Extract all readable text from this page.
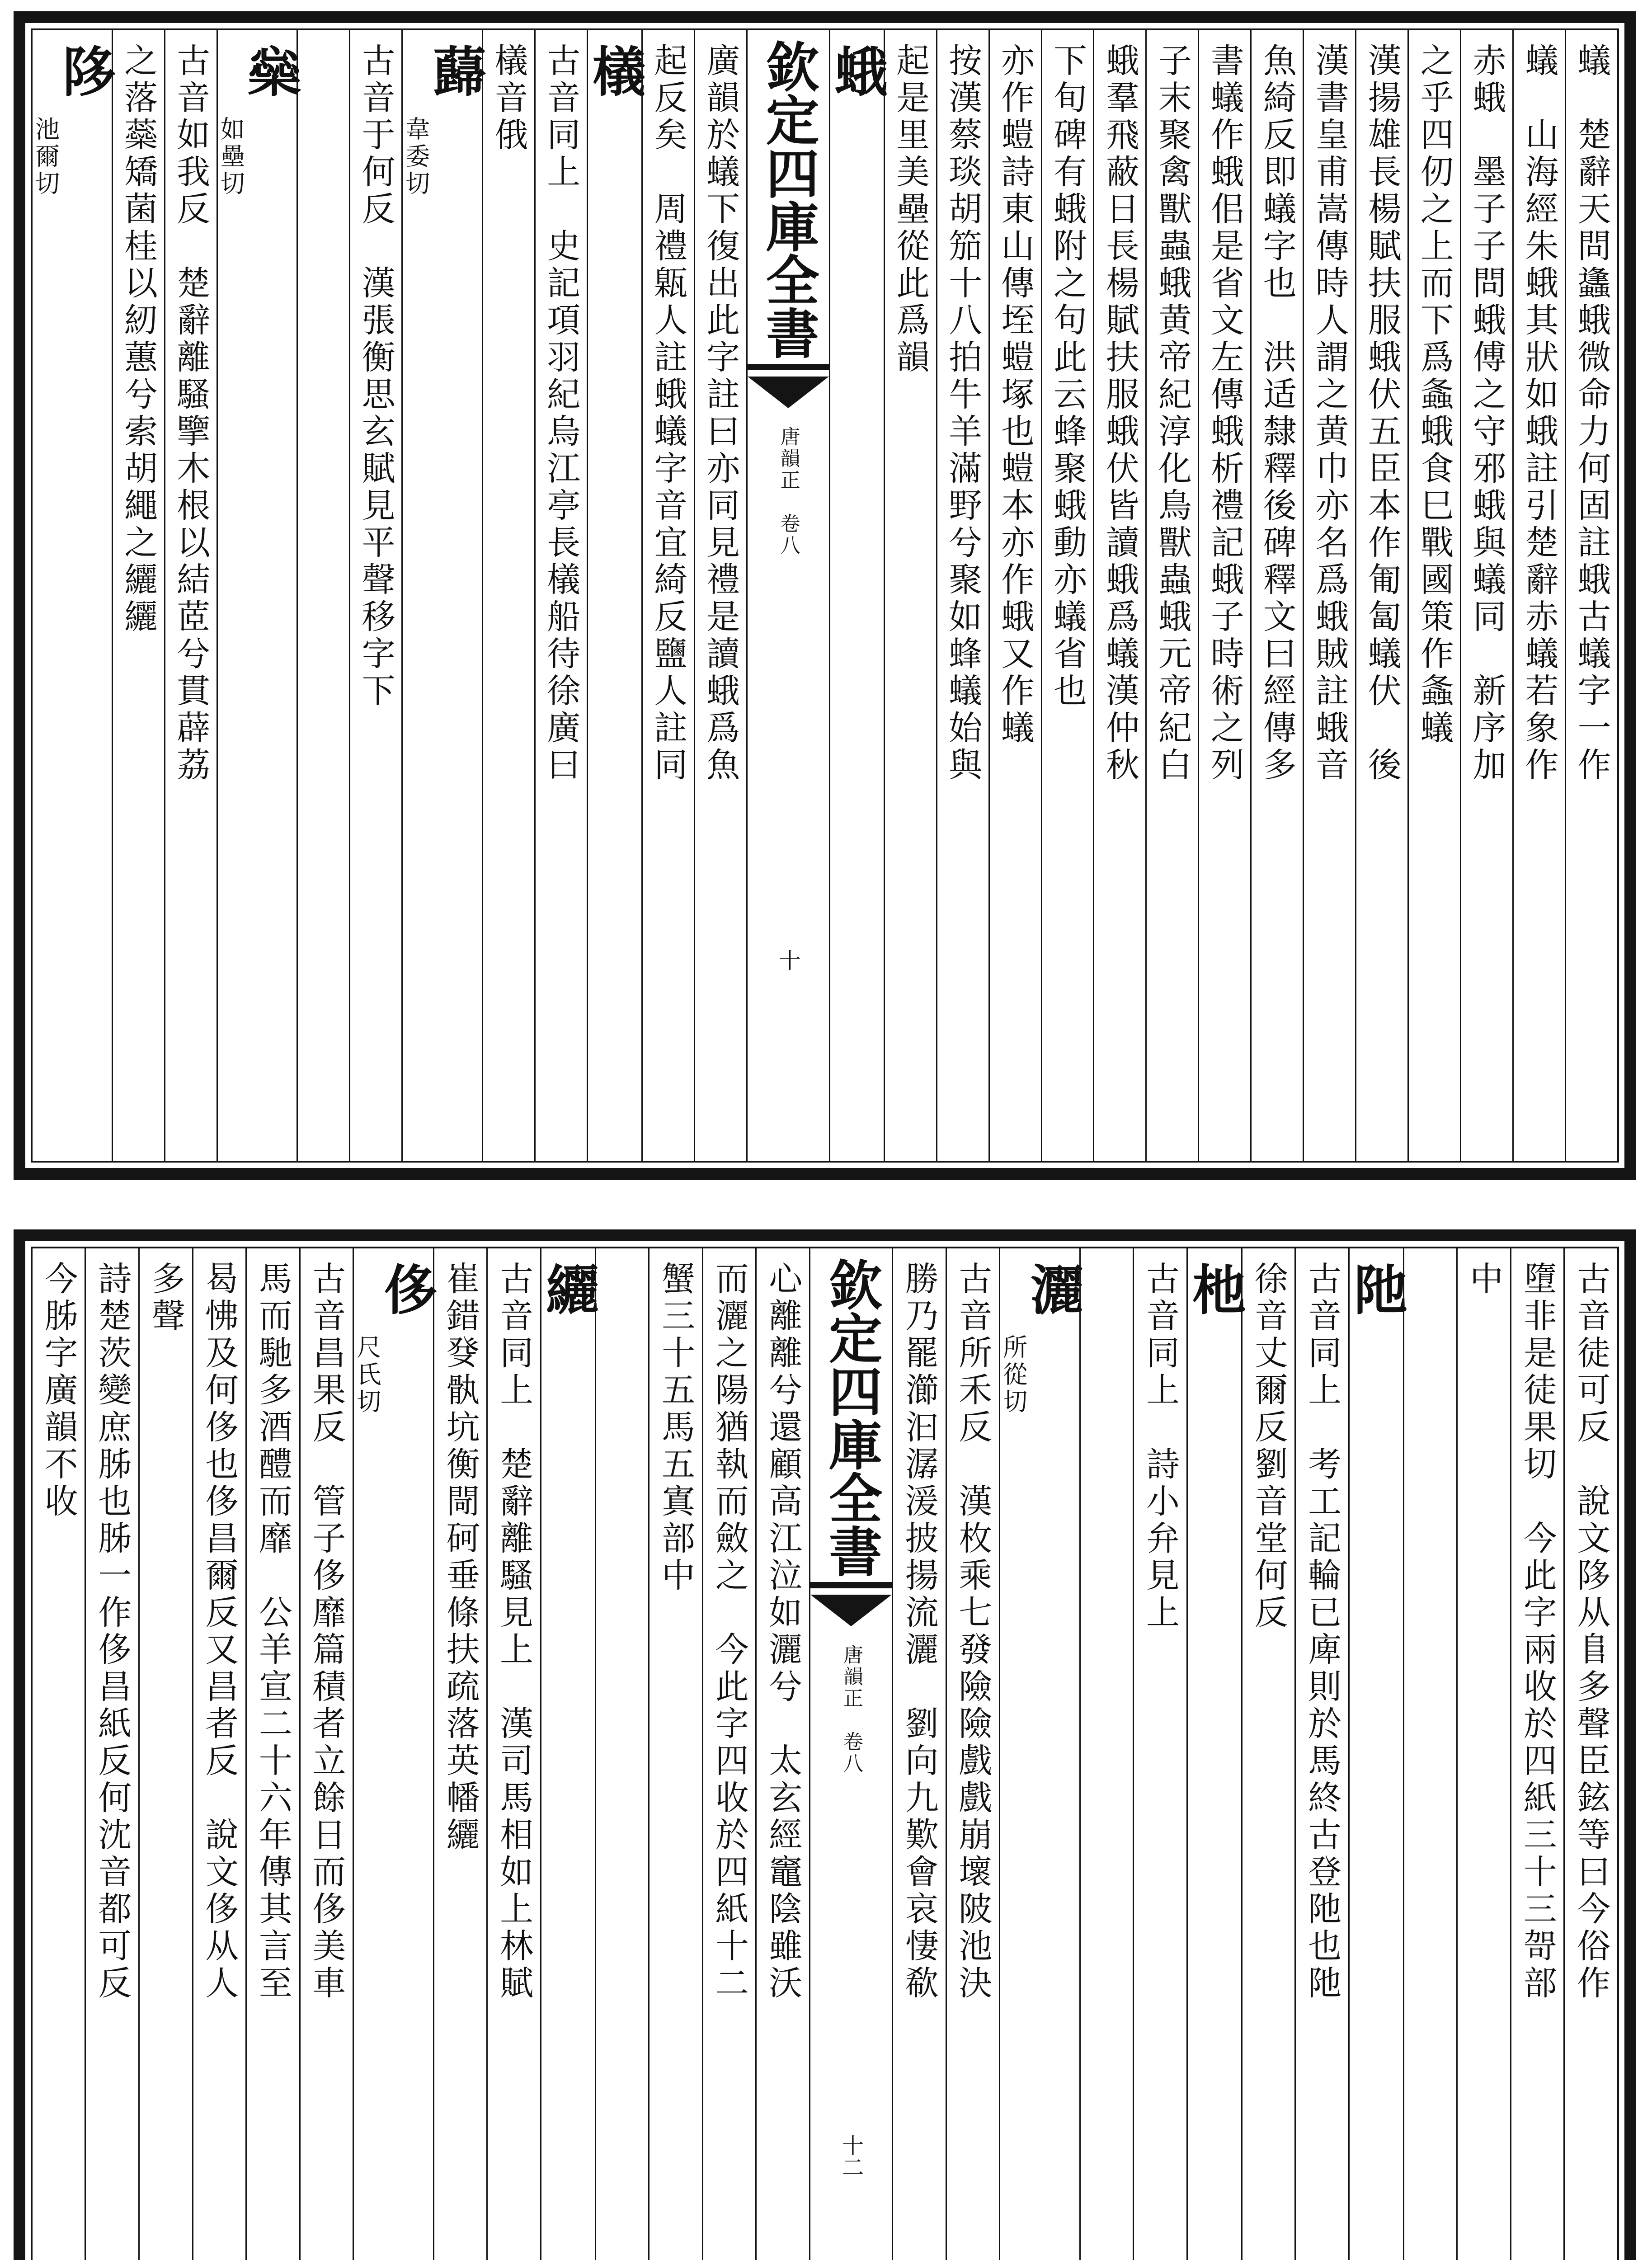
蟻　楚辭天問蠭蛾微命力何固註蛾古蟻字一作
蟻　山海經朱蛾其狀如蛾註引楚辭赤蟻若象作
赤蛾　墨子子問蛾傅之守邪蛾與蟻同　新序加
之乎四仞之上而下爲螽蛾食巳戰國策作螽蟻
漢揚雄長楊賦扶服蛾伏五臣本作匍匐蟻伏　後
漢書皇甫嵩傳時人謂之黄巾亦名爲蛾賊註蛾音
魚綺反即蟻字也　洪适隸釋後碑釋文曰經傳多
書蟻作蛾佀是省文左傳蛾析禮記蛾子時術之列
子末聚禽獸蟲蛾黄帝紀淳化鳥獸蟲蛾元帝紀白
蛾羣飛蔽日長楊賦扶服蛾伏皆讀蛾爲蟻漢仲秋
下旬碑有蛾附之句此云蜂聚蛾動亦蟻省也
亦作螘詩東山傳垤螘塚也螘本亦作蛾又作蟻
按漢蔡琰胡笳十八拍牛羊滿野兮聚如蜂蟻始與
起是里美壘從此爲韻
蛾
欽定四庫全書
唐韻正　卷八
十
廣韻於蟻下復出此字註曰亦同見禮是讀蛾爲魚
起反矣　周禮甈人註蛾蟻字音宜綺反鹽人註同
檥
古音同上　史記項羽紀烏江亭長檥船待徐廣曰
檥音俄
蘬
韋委切
古音于何反　漢張衡思玄賦見平聲移字下
橤
如壘切
古音如我反　楚辭離騷擥木根以結茝兮貫薜荔
之落蘂矯菌桂以紉蕙兮索胡繩之纚纚
陊
池爾切
古音徒可反　說文陊从𨸏多聲臣鉉等曰今俗作
墮非是徒果切　今此字兩收於四紙三十三哿部
中
阤
古音同上　考工記輪已庳則於馬終古登阤也阤
徐音丈爾反劉音堂何反
杝
古音同上　詩小弁見上
灑
所從切
古音所禾反　漢枚乘七發險險戲戲崩壞陂池決
勝乃罷瀄汩潺湲披揚流灑　劉向九歎會哀悽欷
欽定四庫全書
唐韻正　卷八
十二
心離離兮還顧高江泣如灑兮　太玄經竈陰雖沃
而灑之陽猶執而斂之　今此字四收於四紙十二
蟹三十五馬五寘部中
纚
古音同上　楚辭離騷見上　漢司馬相如上林賦
崔錯癹骫坑衡閜砢垂條扶疏落英幡纚
侈
尺氏切
古音昌果反　管子侈靡篇積者立餘日而侈美車
馬而馳多酒醴而靡　公羊宣二十六年傳其言至
曷怫及何侈也侈昌爾反又昌者反　說文侈从人
多聲
詩楚茨變庶胏也胏一作侈昌紙反何沈音都可反
今胏字廣韻不收
